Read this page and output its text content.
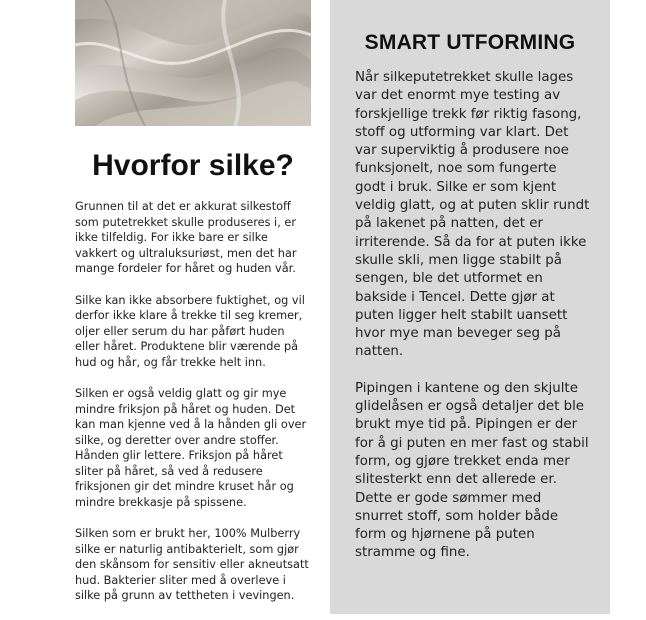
Hvorfor silke?

Grunnen til at det er akkurat silkestoff som putetrekket skulle produseres i, er ikke tilfeldig. For ikke bare er silke vakkert og ultraluksuriøst, men det har mange fordeler for håret og huden vår.

Silke kan ikke absorbere fuktighet, og vil derfor ikke klare å trekke til seg kremer, oljer eller serum du har påført huden eller håret. Produktene blir værende på hud og hår, og får trekke helt inn.

Silken er også veldig glatt og gir mye mindre friksjon på håret og huden. Det kan man kjenne ved å la hånden gli over silke, og deretter over andre stoffer. Hånden glir lettere. Friksjon på håret sliter på håret, så ved å redusere friksjonen gir det mindre kruset hår og mindre brekkasje på spissene.

Silken som er brukt her, 100% Mulberry silke er naturlig antibakterielt, som gjør den skånsom for sensitiv eller akneutsatt hud. Bakterier sliter med å overleve i silke på grunn av tettheten i vevingen.

SMART UTFORMING

Når silkeputetrekket skulle lages var det enormt mye testing av forskjellige trekk før riktig fasong, stoff og utforming var klart. Det var superviktig å produsere noe funksjonelt, noe som fungerte godt i bruk. Silke er som kjent veldig glatt, og at puten sklir rundt på lakenet på natten, det er irriterende. Så da for at puten ikke skulle skli, men ligge stabilt på sengen, ble det utformet en bakside i Tencel. Dette gjør at puten ligger helt stabilt uansett hvor mye man beveger seg på natten.

Pipingen i kantene og den skjulte glidelåsen er også detaljer det ble brukt mye tid på. Pipingen er der for å gi puten en mer fast og stabil form, og gjøre trekket enda mer slitesterkt enn det allerede er. Dette er gode sømmer med snurret stoff, som holder både form og hjørnene på puten stramme og fine.
